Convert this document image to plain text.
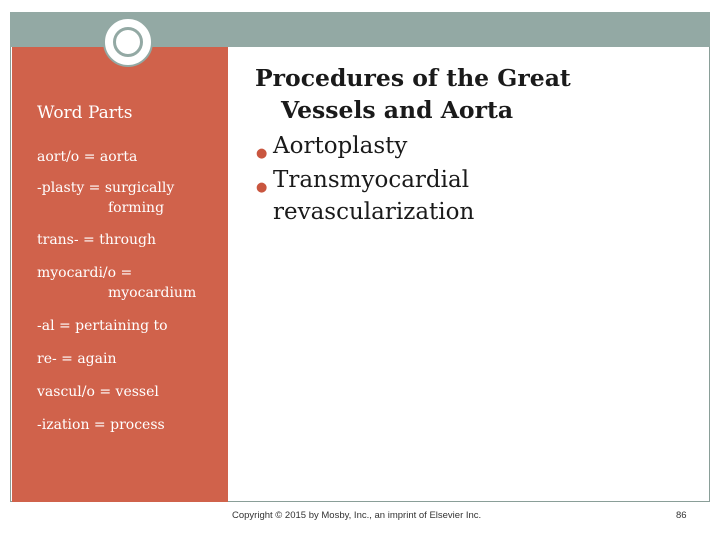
Word Parts
aort/o = aorta
-plasty = surgically
forming
trans- = through
myocardi/o =
myocardium
-al = pertaining to
re- = again
vascul/o = vessel
-ization = process
Procedures of the Great
Vessels and Aorta
● Aortoplasty
● Transmyocardial
revascularization
Copyright © 2015 by Mosby, Inc., an imprint of Elsevier Inc.	86
